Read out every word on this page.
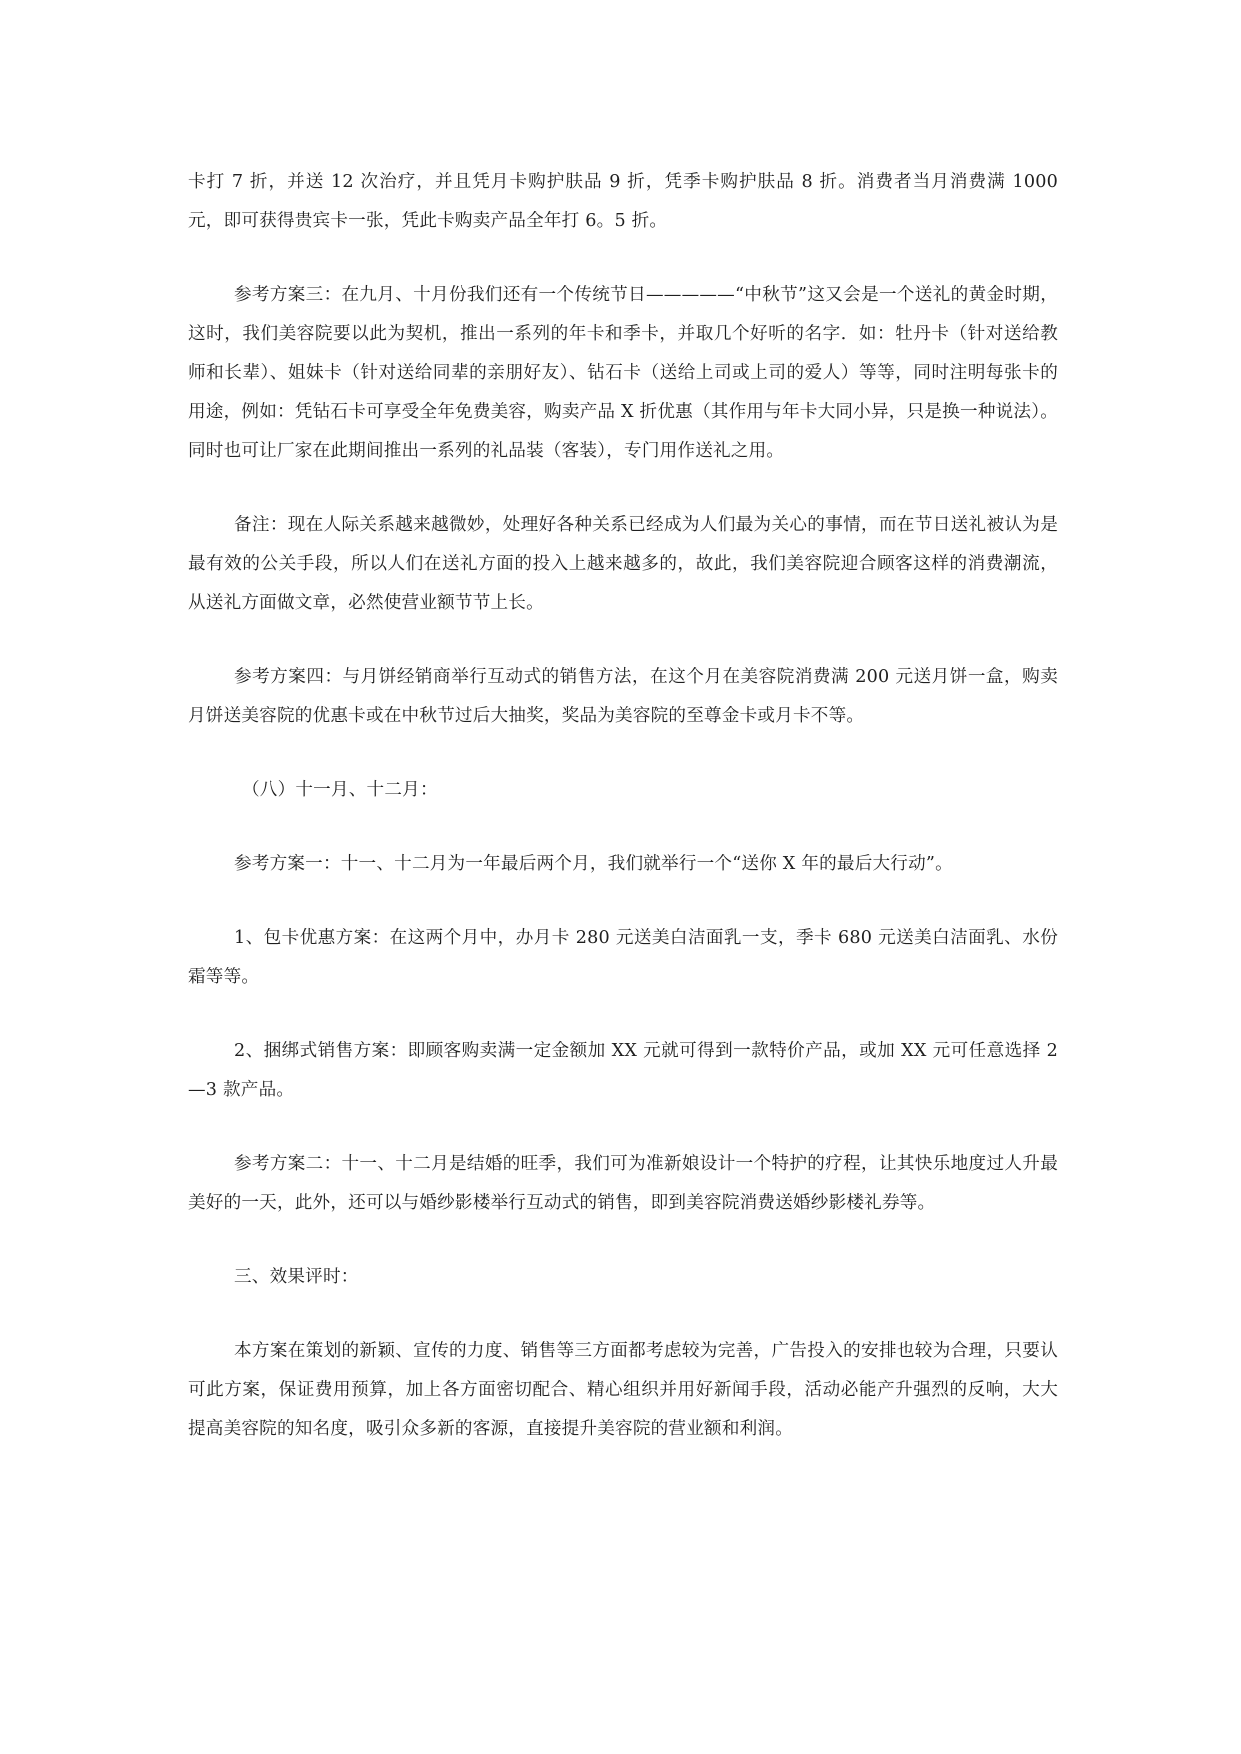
卡打 7 折，并送 12 次治疗，并且凭月卡购护肤品 9 折，凭季卡购护肤品 8 折。消费者当月消费满 1000 元，即可获得贵宾卡一张，凭此卡购卖产品全年打 6。5 折。

参考方案三：在九月、十月份我们还有一个传统节日—————“中秋节”这又会是一个送礼的黄金时期，这时，我们美容院要以此为契机，推出一系列的年卡和季卡，并取几个好听的名字．如：牡丹卡（针对送给教师和长辈）、姐妹卡（针对送给同辈的亲朋好友）、钻石卡（送给上司或上司的爱人）等等，同时注明每张卡的用途，例如：凭钻石卡可享受全年免费美容，购卖产品 X 折优惠（其作用与年卡大同小异，只是换一种说法）。同时也可让厂家在此期间推出一系列的礼品装（客装），专门用作送礼之用。

备注：现在人际关系越来越微妙，处理好各种关系已经成为人们最为关心的事情，而在节日送礼被认为是最有效的公关手段，所以人们在送礼方面的投入上越来越多的，故此，我们美容院迎合顾客这样的消费潮流，从送礼方面做文章，必然使营业额节节上长。

参考方案四：与月饼经销商举行互动式的销售方法，在这个月在美容院消费满 200 元送月饼一盒，购卖月饼送美容院的优惠卡或在中秋节过后大抽奖，奖品为美容院的至尊金卡或月卡不等。

（八）十一月、十二月：

参考方案一：十一、十二月为一年最后两个月，我们就举行一个“送你 X 年的最后大行动”。

1、包卡优惠方案：在这两个月中，办月卡 280 元送美白洁面乳一支，季卡 680 元送美白洁面乳、水份霜等等。

2、捆绑式销售方案：即顾客购卖满一定金额加 XX 元就可得到一款特价产品，或加 XX 元可任意选择 2—3 款产品。

参考方案二：十一、十二月是结婚的旺季，我们可为准新娘设计一个特护的疗程，让其快乐地度过人升最美好的一天，此外，还可以与婚纱影楼举行互动式的销售，即到美容院消费送婚纱影楼礼券等。

三、效果评时：

本方案在策划的新颖、宣传的力度、销售等三方面都考虑较为完善，广告投入的安排也较为合理，只要认可此方案，保证费用预算，加上各方面密切配合、精心组织并用好新闻手段，活动必能产升强烈的反响，大大提高美容院的知名度，吸引众多新的客源，直接提升美容院的营业额和利润。
